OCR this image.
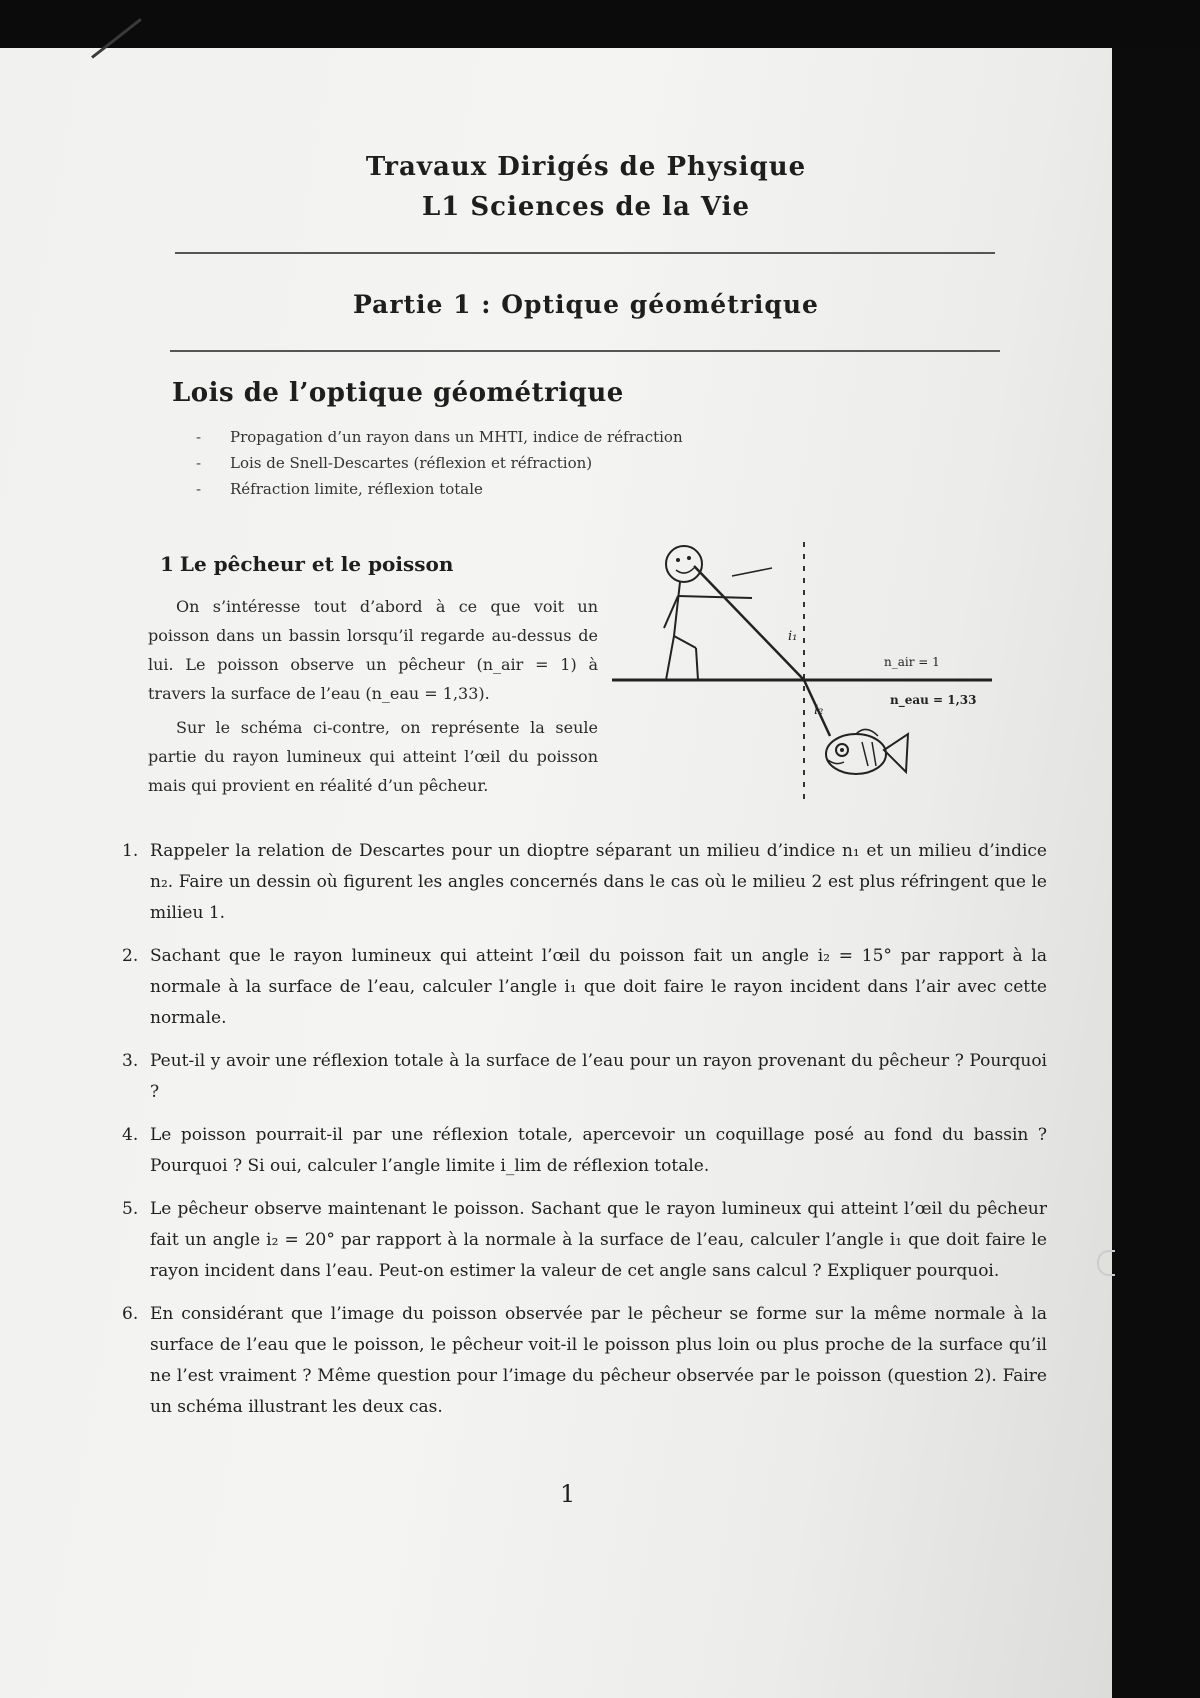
Travaux Dirigés de Physique
L1 Sciences de la Vie
Partie 1 : Optique géométrique
Lois de l’optique géométrique
- Propagation d’un rayon dans un MHTI, indice de réfraction
- Lois de Snell-Descartes (réflexion et réfraction)
- Réfraction limite, réflexion totale
1 Le pêcheur et le poisson

On s’intéresse tout d’abord à ce que voit un poisson dans un bassin lorsqu’il regarde au-dessus de lui. Le poisson observe un pêcheur (n_air = 1) à travers la surface de l’eau (n_eau = 1,33).

Sur le schéma ci-contre, on représente la seule partie du rayon lumineux qui atteint l’œil du poisson mais qui provient en réalité d’un pêcheur.

i₁
i₂
n_air = 1
n_eau = 1,33
1. Rappeler la relation de Descartes pour un dioptre séparant un milieu d’indice n₁ et un milieu d’indice n₂. Faire un dessin où figurent les angles concernés dans le cas où le milieu 2 est plus réfringent que le milieu 1.
2. Sachant que le rayon lumineux qui atteint l’œil du poisson fait un angle i₂ = 15° par rapport à la normale à la surface de l’eau, calculer l’angle i₁ que doit faire le rayon incident dans l’air avec cette normale.
3. Peut-il y avoir une réflexion totale à la surface de l’eau pour un rayon provenant du pêcheur ? Pourquoi ?
4. Le poisson pourrait-il par une réflexion totale, apercevoir un coquillage posé au fond du bassin ? Pourquoi ? Si oui, calculer l’angle limite i_lim de réflexion totale.
5. Le pêcheur observe maintenant le poisson. Sachant que le rayon lumineux qui atteint l’œil du pêcheur fait un angle i₂ = 20° par rapport à la normale à la surface de l’eau, calculer l’angle i₁ que doit faire le rayon incident dans l’eau. Peut-on estimer la valeur de cet angle sans calcul ? Expliquer pourquoi.
6. En considérant que l’image du poisson observée par le pêcheur se forme sur la même normale à la surface de l’eau que le poisson, le pêcheur voit-il le poisson plus loin ou plus proche de la surface qu’il ne l’est vraiment ? Même question pour l’image du pêcheur observée par le poisson (question 2). Faire un schéma illustrant les deux cas.
1
